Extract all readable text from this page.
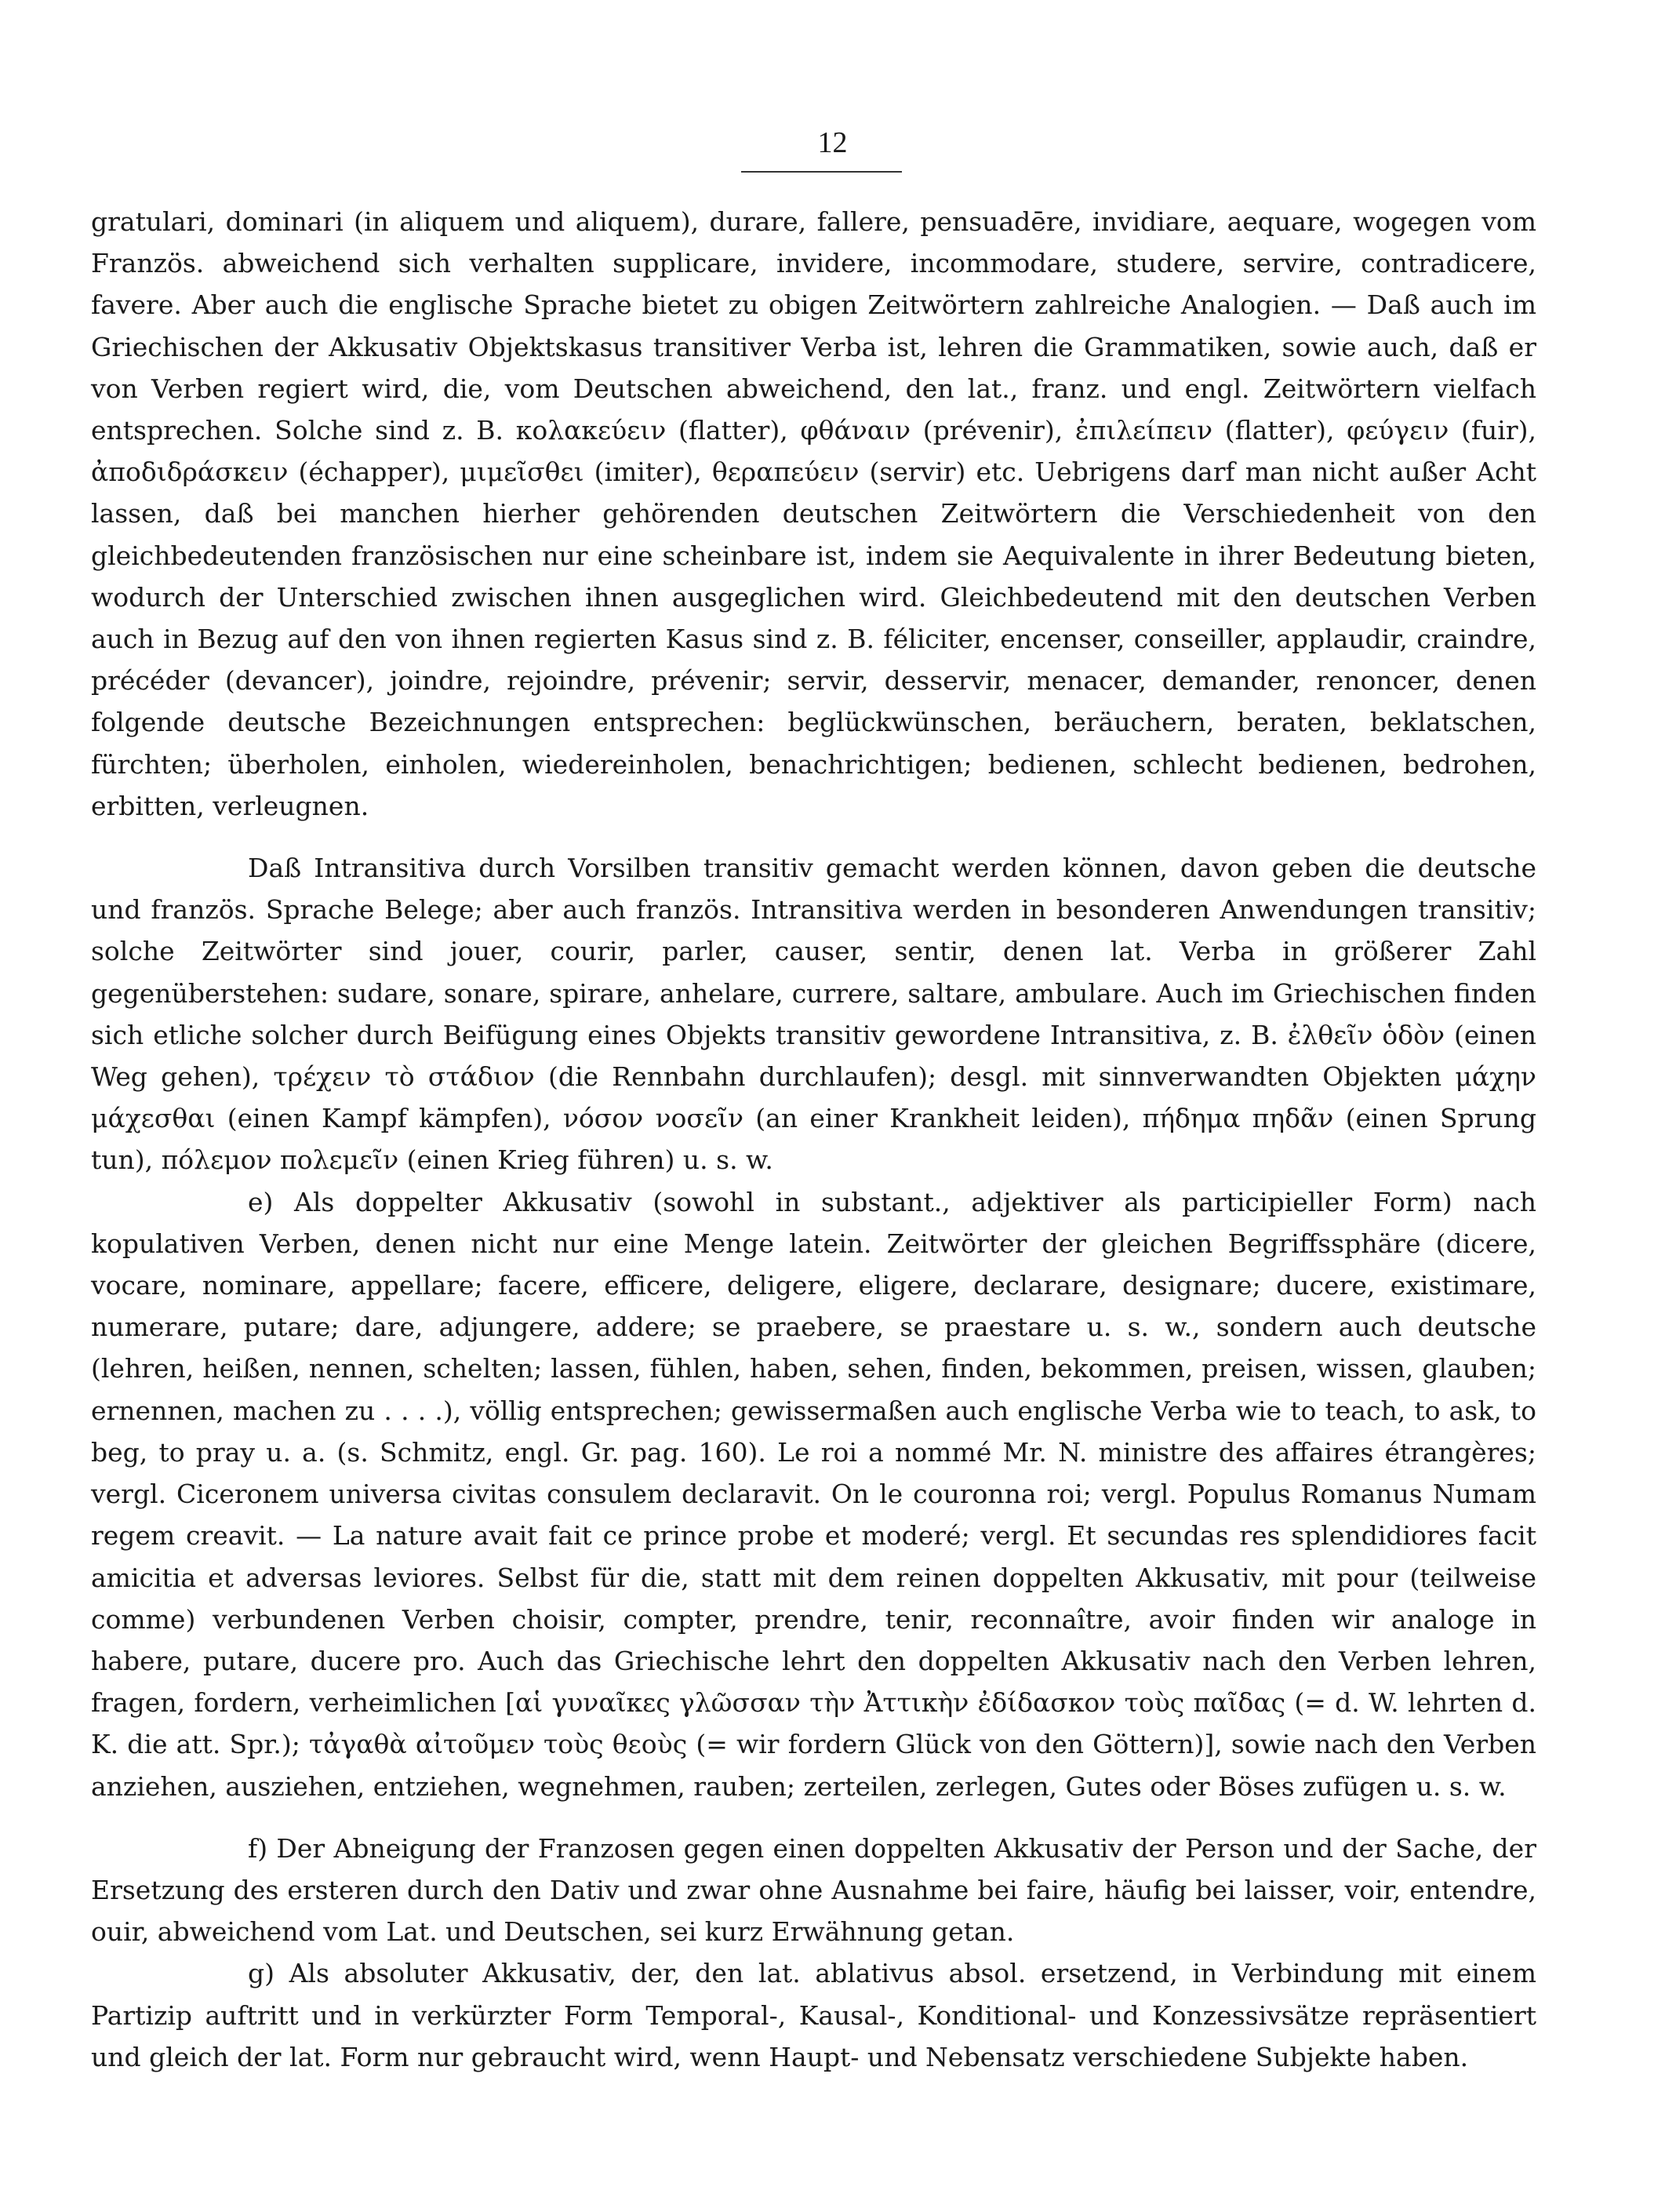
12

gratulari, dominari (in aliquem und aliquem), durare, fallere, pensuadēre, invidiare, aequare, wogegen vom Französ. abweichend sich verhalten supplicare, invidere, incommodare, studere, servire, contradicere, favere. Aber auch die englische Sprache bietet zu obigen Zeitwörtern zahlreiche Analogien. — Daß auch im Griechischen der Akkusativ Objektskasus transitiver Verba ist, lehren die Grammatiken, sowie auch, daß er von Verben regiert wird, die, vom Deutschen abweichend, den lat., franz. und engl. Zeitwörtern vielfach entsprechen. Solche sind z. B. κολακεύειν (flatter), φθάναιν (prévenir), ἐπιλείπειν (flatter), φεύγειν (fuir), ἀποδιδράσκειν (échapper), μιμεῖσθει (imiter), θεραπεύειν (servir) etc. Uebrigens darf man nicht außer Acht lassen, daß bei manchen hierher gehörenden deutschen Zeitwörtern die Verschiedenheit von den gleichbedeutenden französischen nur eine scheinbare ist, indem sie Aequivalente in ihrer Bedeutung bieten, wodurch der Unterschied zwischen ihnen ausgeglichen wird. Gleichbedeutend mit den deutschen Verben auch in Bezug auf den von ihnen regierten Kasus sind z. B. féliciter, encenser, conseiller, applaudir, craindre, précéder (devancer), joindre, rejoindre, prévenir; servir, desservir, menacer, demander, renoncer, denen folgende deutsche Bezeichnungen entsprechen: beglückwünschen, beräuchern, beraten, beklatschen, fürchten; überholen, einholen, wiedereinholen, benachrichtigen; bedienen, schlecht bedienen, bedrohen, erbitten, verleugnen.

Daß Intransitiva durch Vorsilben transitiv gemacht werden können, davon geben die deutsche und französ. Sprache Belege; aber auch französ. Intransitiva werden in besonderen Anwendungen transitiv; solche Zeitwörter sind jouer, courir, parler, causer, sentir, denen lat. Verba in größerer Zahl gegenüberstehen: sudare, sonare, spirare, anhelare, currere, saltare, ambulare. Auch im Griechischen finden sich etliche solcher durch Beifügung eines Objekts transitiv gewordene Intransitiva, z. B. ἐλθεῖν ὁδὸν (einen Weg gehen), τρέχειν τὸ στάδιον (die Rennbahn durchlaufen); desgl. mit sinnverwandten Objekten μάχην μάχεσθαι (einen Kampf kämpfen), νόσον νοσεῖν (an einer Krankheit leiden), πήδημα πηδᾶν (einen Sprung tun), πόλεμον πολεμεῖν (einen Krieg führen) u. s. w.

e) Als doppelter Akkusativ (sowohl in substant., adjektiver als participieller Form) nach kopulativen Verben, denen nicht nur eine Menge latein. Zeitwörter der gleichen Begriffssphäre (dicere, vocare, nominare, appellare; facere, efficere, deligere, eligere, declarare, designare; ducere, existimare, numerare, putare; dare, adjungere, addere; se praebere, se praestare u. s. w., sondern auch deutsche (lehren, heißen, nennen, schelten; lassen, fühlen, haben, sehen, finden, bekommen, preisen, wissen, glauben; ernennen, machen zu . . . .), völlig entsprechen; gewissermaßen auch englische Verba wie to teach, to ask, to beg, to pray u. a. (s. Schmitz, engl. Gr. pag. 160). Le roi a nommé Mr. N. ministre des affaires étrangères; vergl. Ciceronem universa civitas consulem declaravit. On le couronna roi; vergl. Populus Romanus Numam regem creavit. — La nature avait fait ce prince probe et moderé; vergl. Et secundas res splendidiores facit amicitia et adversas leviores. Selbst für die, statt mit dem reinen doppelten Akkusativ, mit pour (teilweise comme) verbundenen Verben choisir, compter, prendre, tenir, reconnaître, avoir finden wir analoge in habere, putare, ducere pro. Auch das Griechische lehrt den doppelten Akkusativ nach den Verben lehren, fragen, fordern, verheimlichen [αἱ γυναῖκες γλῶσσαν τὴν Ἀττικὴν ἐδίδασκον τοὺς παῖδας (= d. W. lehrten d. K. die att. Spr.); τἀγαθὰ αἰτοῦμεν τοὺς θεοὺς (= wir fordern Glück von den Göttern)], sowie nach den Verben anziehen, ausziehen, entziehen, wegnehmen, rauben; zerteilen, zerlegen, Gutes oder Böses zufügen u. s. w.

f) Der Abneigung der Franzosen gegen einen doppelten Akkusativ der Person und der Sache, der Ersetzung des ersteren durch den Dativ und zwar ohne Ausnahme bei faire, häufig bei laisser, voir, entendre, ouir, abweichend vom Lat. und Deutschen, sei kurz Erwähnung getan.

g) Als absoluter Akkusativ, der, den lat. ablativus absol. ersetzend, in Verbindung mit einem Partizip auftritt und in verkürzter Form Temporal-, Kausal-, Konditional- und Konzessivsätze repräsentiert und gleich der lat. Form nur gebraucht wird, wenn Haupt- und Nebensatz verschiedene Subjekte haben.
